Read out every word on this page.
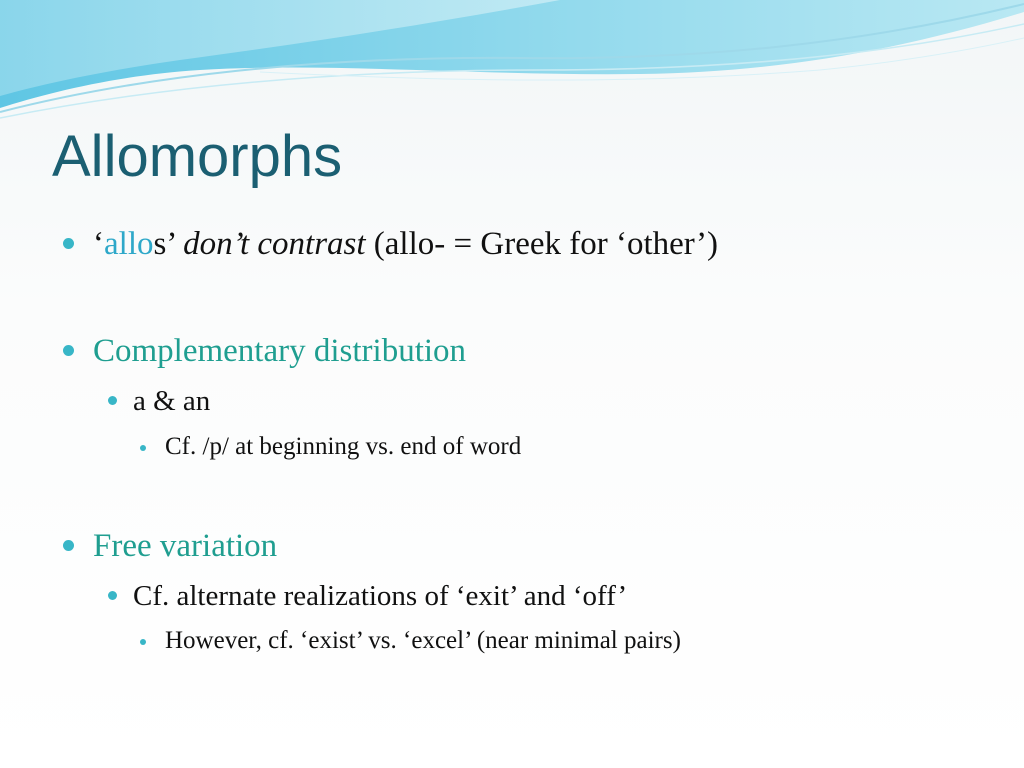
Allomorphs

‘allos’ don’t contrast (allo- = Greek for ‘other’)

Complementary distribution

a & an

Cf. /p/ at beginning vs. end of word

Free variation

Cf. alternate realizations of ‘exit’ and ‘off’

However, cf. ‘exist’ vs. ‘excel’ (near minimal pairs)
